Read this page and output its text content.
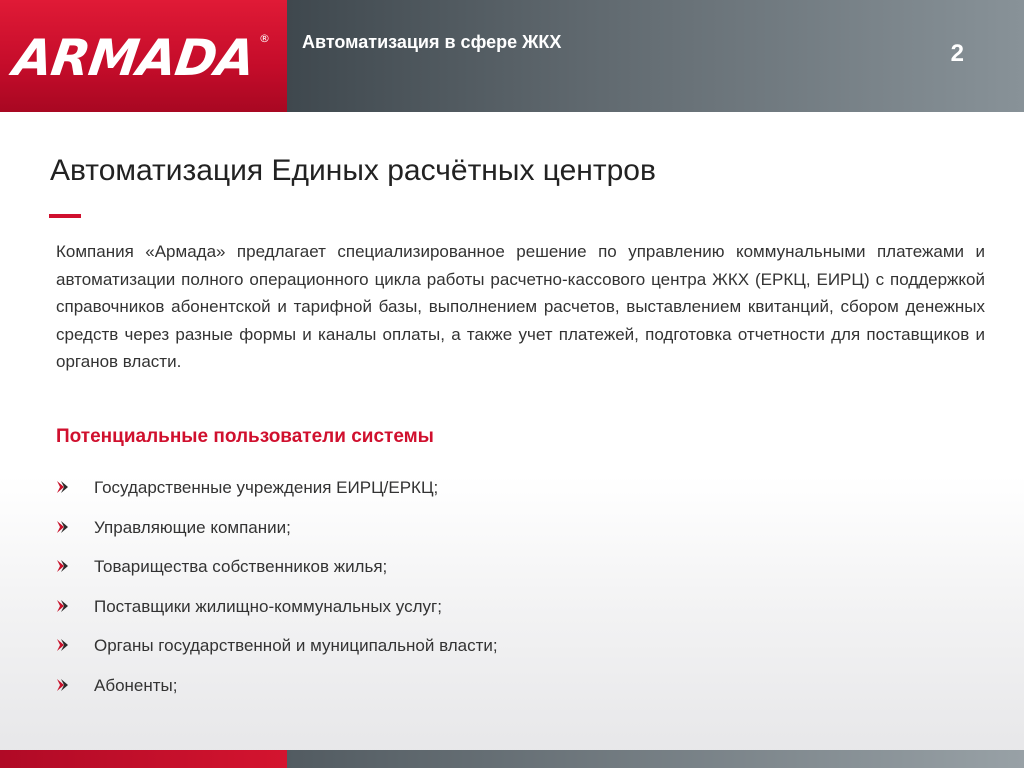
ARMADA ® Автоматизация в сфере ЖКХ	2
Автоматизация Единых расчётных центров

Компания «Армада» предлагает специализированное решение по управлению коммунальными платежами и автоматизации полного операционного цикла работы расчетно-кассового центра ЖКХ (ЕРКЦ, ЕИРЦ) с поддержкой справочников абонентской и тарифной базы, выполнением расчетов, выставлением квитанций, сбором денежных средств через разные формы и каналы оплаты, а также учет платежей, подготовка отчетности для поставщиков и органов власти.

Потенциальные пользователи системы
Государственные учреждения ЕИРЦ/ЕРКЦ;
Управляющие компании;
Товарищества собственников жилья;
Поставщики жилищно-коммунальных услуг;
Органы государственной и муниципальной власти;
Абоненты;
